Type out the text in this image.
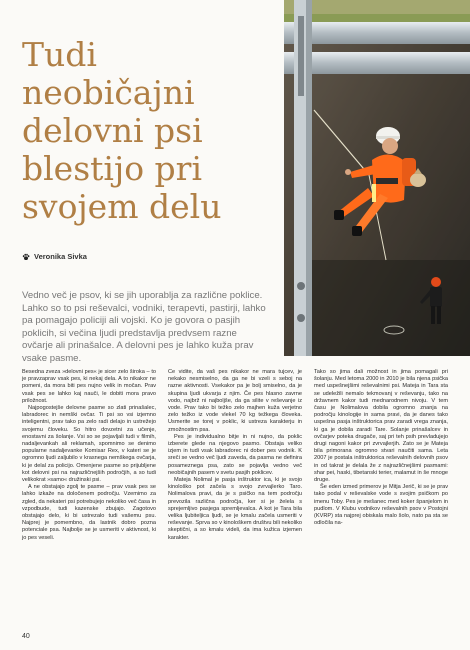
Tudi neobičajni delovni psi blestijo pri svojem delu
Veronika Sivka

Vedno več je psov, ki se jih uporablja za različne poklice. Lahko so to psi reševalci, vodniki, terapevti, pastirji, lahko pa pomagajo policiji ali vojski. Ko je govora o pasjih poklicih, si večina ljudi predstavlja predvsem razne ovčarje ali prinašalce. A delovni pes je lahko kuža prav vsake pasme.

Besedna zveza »delovni pes« je sicer zelo široka – to je pravzaprav vsak pes, ki nekaj dela. A to nikakor ne pomeni, da mora biti pes nujno velik in močan. Prav vsak pes se lahko kaj nauči, le dobiti mora pravo priložnost.

Najpogostejše delovne pasme so zlati prinašalec, labradorec in nemški ovčar. Ti psi so vsi izjemno inteligentni, prav tako pa zelo radi delajo in ustrežejo svojemu človeku. So hitro dovzetni za učenje, enostavni za šolanje. Vsi so se pojavljali tudi v filmih, nadaljevankah ali reklamah, spomnimo se denimo popularne nadaljevanke Komisar Rex, v kateri se je ogromno ljudi zaljubilo v krasnega nemškega ovčarja, ki je delal za policijo. Omenjene pasme so prijubljene kot delovni psi na najrazličnejših področjih, a so tudi velikokrat »samo« družinski psi.

A ne obstajajo zgolj te pasme – prav vsak pes se lahko izkaže na določenem področju. Vzemimo za zgled, da nekateri psi potrebujejo nekoliko več časa in vzpodbude, tudi kazenske zbujajo. Zagotovo obstajajo delo, ki bi ustrezalo tudi vašemu psu. Najprej je pomembno, da lastnik dobro pozna potenciale psa. Najbolje se je usmeriti v aktivnost, ki jo pes veseli.

Ce vidite, da vaš pes nikakor ne mara tujcev, je nekako nesmiselno, da ga ne bi vzeli s seboj na razne aktivnosti. Vsekakor pa je bolj smiselno, da je skupina ljudi ukvarja z njim. Če pes hlasno zavrne vodo, najbrž ni najboljše, da ga silite v reševanje iz vode. Prav tako bi težko zelo majhen kuža verjetno zelo težko iz vode vlekel 70 kg težkega človeka. Usmerite se torej v poklic, ki ustreza karakterju in zmožnostim psa.

Pes je individualno bitje in ni nujno, da poklic izberete glede na njegovo pasmo. Obstaja veliko izjem in tudi vsak labradorec ni dober pes vodnik. K sreči se vedno več ljudi zaveda, da pasma ne definira posameznega psa, zato se pojavlja vedno več neobičajnih pasem v svetu pasjih poklicev.

Mateja Nolimal je pasja inštruktor ica, ki je svojo kinološko pot začela s svojo zvrvajlerko Taro. Nolimalova pravi, da je s psičko na tem področju prevozila različna področja, ker si je želela s sprejemljivo pasjega spremljevalca. A kot je Tara bila velika ljubiteljica ljudi, se je kmalu začela usmeriti v reševanje. Sprva so v kinološkem društvu bili nekoliko skeptični, a so kmalu videli, da ima kužica izjemen karakter.

Tako so jima dali možnost in jima pomagali pri šolanju. Med letoma 2000 in 2010 je bila njena psička med uspešnejšimi reševalnimi psi. Mateja in Tara sta se udeležili nemalo tekmovanj v reševanju, tako na državnem kakor tudi mednarodnem nivoju. V tem času je Nolimalova dobila ogromno znanja na področju kinologije in sama pravi, da je danes tako uspešna pasja inštruktorica prav zaradi vrega znanja, ki ga je dobila zaradi Tare. Solanje prinašalcev in ovčarjev poteka drugače, saj pri teh psih prevladujejo drugi nagoni kakor pri zvrvajlerjih. Zato se je Mateja bila primorana ogromno stvari naučiti sama. Leta 2007 je postala inštruktorica reševalnih delovnih psov in od takrat je delala že z najrazličnejšimi pasmami: shar pei, haski, tibetanski terier, malamut in še mnoge druge.

Še eden izmed primerov je Mitja Jerič, ki se je prav tako podal v reševalske vode s svojim psičkom po imenu Toby. Pes je mešanec med koker španjelom in pudlom. V Klubu vodnikov reševalnih psov v Postojni (KVRP) sta najprej obiskala malo šolo, nato pa sta se odločila na-

40
